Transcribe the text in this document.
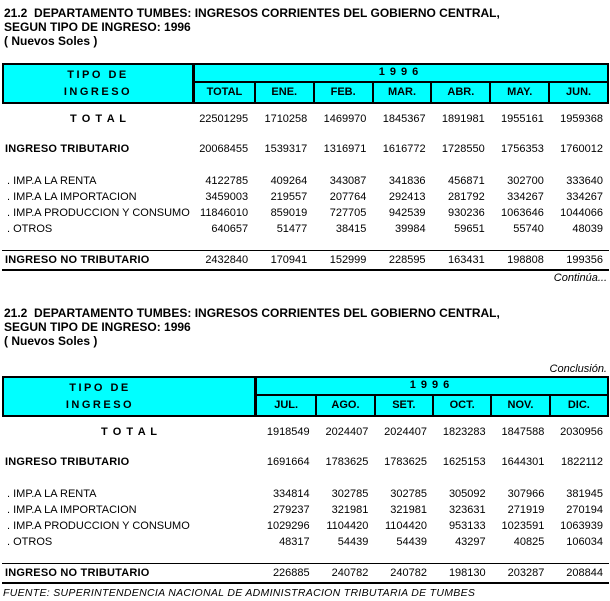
21.2  DEPARTAMENTO TUMBES: INGRESOS CORRIENTES DEL GOBIERNO CENTRAL,
SEGUN TIPO DE INGRESO: 1996
( Nuevos Soles )
TIPO DE
INGRESO
1996
TOTAL	ENE.	FEB.	MAR.	ABR.	MAY.	JUN.
T O T A L	22501295	1710258	1469970	1845367	1891981	1955161	1959368
INGRESO TRIBUTARIO	20068455	1539317	1316971	1616772	1728550	1756353	1760012
. IMP.A LA RENTA	4122785	409264	343087	341836	456871	302700	333640
. IMP.A LA IMPORTACION	3459003	219557	207764	292413	281792	334267	334267
. IMP.A PRODUCCION Y CONSUMO 11846010	859019	727705	942539	930236	1063646	1044066
. OTROS	640657	51477	38415	39984	59651	55740	48039
INGRESO NO TRIBUTARIO	2432840	170941	152999	228595	163431	198808	199356
Continúa...
21.2  DEPARTAMENTO TUMBES: INGRESOS CORRIENTES DEL GOBIERNO CENTRAL,
SEGUN TIPO DE INGRESO: 1996
( Nuevos Soles )
Conclusión.
TIPO DE
INGRESO
1996
JUL.	AGO.	SET.	OCT.	NOV.	DIC.
T O T A L	1918549	2024407	2024407	1823283	1847588	2030956
INGRESO TRIBUTARIO	1691664	1783625	1783625	1625153	1644301	1822112
. IMP.A LA RENTA	334814	302785	302785	305092	307966	381945
. IMP.A LA IMPORTACION	279237	321981	321981	323631	271919	270194
. IMP.A PRODUCCION Y CONSUMO	1029296	1104420	1104420	953133	1023591	1063939
. OTROS	48317	54439	54439	43297	40825	106034
INGRESO NO TRIBUTARIO	226885	240782	240782	198130	203287	208844
FUENTE: SUPERINTENDENCIA NACIONAL DE ADMINISTRACION TRIBUTARIA DE TUMBES
